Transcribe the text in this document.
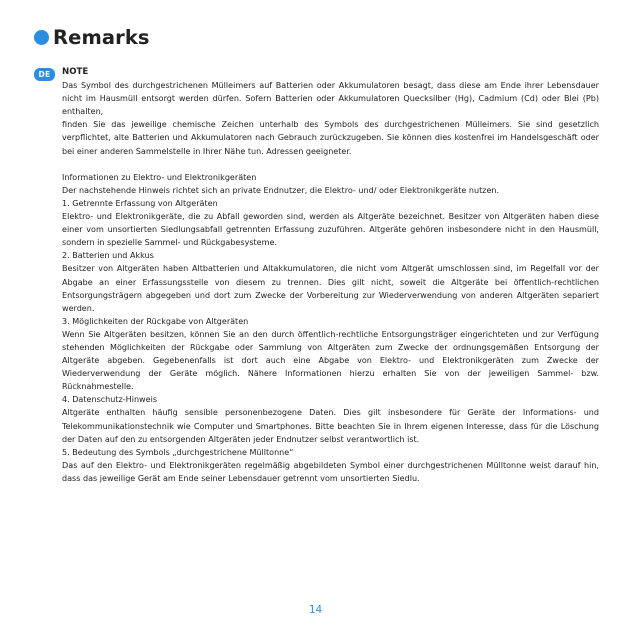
Remarks
DE	NOTE

Das Symbol des durchgestrichenen Mülleimers auf Batterien oder Akkumulatoren besagt, dass diese am Ende ihrer Lebensdauer nicht im Hausmüll entsorgt werden dürfen. Sofern Batterien oder Akkumulatoren Quecksilber (Hg), Cadmium (Cd) oder Blei (Pb) enthalten,

finden Sie das jeweilige chemische Zeichen unterhalb des Symbols des durchgestrichenen Mülleimers. Sie sind gesetzlich verpflichtet, alte Batterien und Akkumulatoren nach Gebrauch zurückzugeben. Sie können dies kostenfrei im Handelsgeschäft oder bei einer anderen Sammelstelle in Ihrer Nähe tun. Adressen geeigneter.

Informationen zu Elektro- und Elektronikgeräten

Der nachstehende Hinweis richtet sich an private Endnutzer, die Elektro- und/ oder Elektronikgeräte nutzen.

1. Getrennte Erfassung von Altgeräten

Elektro- und Elektronikgeräte, die zu Abfall geworden sind, werden als Altgeräte bezeichnet. Besitzer von Altgeräten haben diese einer vom unsortierten Siedlungsabfall getrennten Erfassung zuzuführen. Altgeräte gehören insbesondere nicht in den Hausmüll, sondern in spezielle Sammel- und Rückgabesysteme.

2. Batterien und Akkus

Besitzer von Altgeräten haben Altbatterien und Altakkumulatoren, die nicht vom Altgerät umschlossen sind, im Regelfall vor der Abgabe an einer Erfassungsstelle von diesem zu trennen. Dies gilt nicht, soweit die Altgeräte bei öffentlich-rechtlichen Entsorgungsträgern abgegeben und dort zum Zwecke der Vorbereitung zur Wiederverwendung von anderen Altgeräten separiert werden.

3. Möglichkeiten der Rückgabe von Altgeräten

Wenn Sie Altgeräten besitzen, können Sie an den durch öffentlich-rechtliche Entsorgungsträger eingerichteten und zur Verfügung stehenden Möglichkeiten der Rückgabe oder Sammlung von Altgeräten zum Zwecke der ordnungsgemäßen Entsorgung der Altgeräte abgeben. Gegebenenfalls ist dort auch eine Abgabe von Elektro- und Elektronikgeräten zum Zwecke der Wiederverwendung der Geräte möglich. Nähere Informationen hierzu erhalten Sie von der jeweiligen Sammel- bzw. Rücknahmestelle.

4. Datenschutz-Hinweis

Altgeräte enthalten häufig sensible personenbezogene Daten. Dies gilt insbesondere für Geräte der Informations- und Telekommunikationstechnik wie Computer und Smartphones. Bitte beachten Sie in Ihrem eigenen Interesse, dass für die Löschung der Daten auf den zu entsorgenden Altgeräten jeder Endnutzer selbst verantwortlich ist.

5. Bedeutung des Symbols „durchgestrichene Mülltonne“

Das auf den Elektro- und Elektronikgeräten regelmäßig abgebildeten Symbol einer durchgestrichenen Mülltonne weist darauf hin, dass das jeweilige Gerät am Ende seiner Lebensdauer getrennt vom unsortierten Siedlu.

14
